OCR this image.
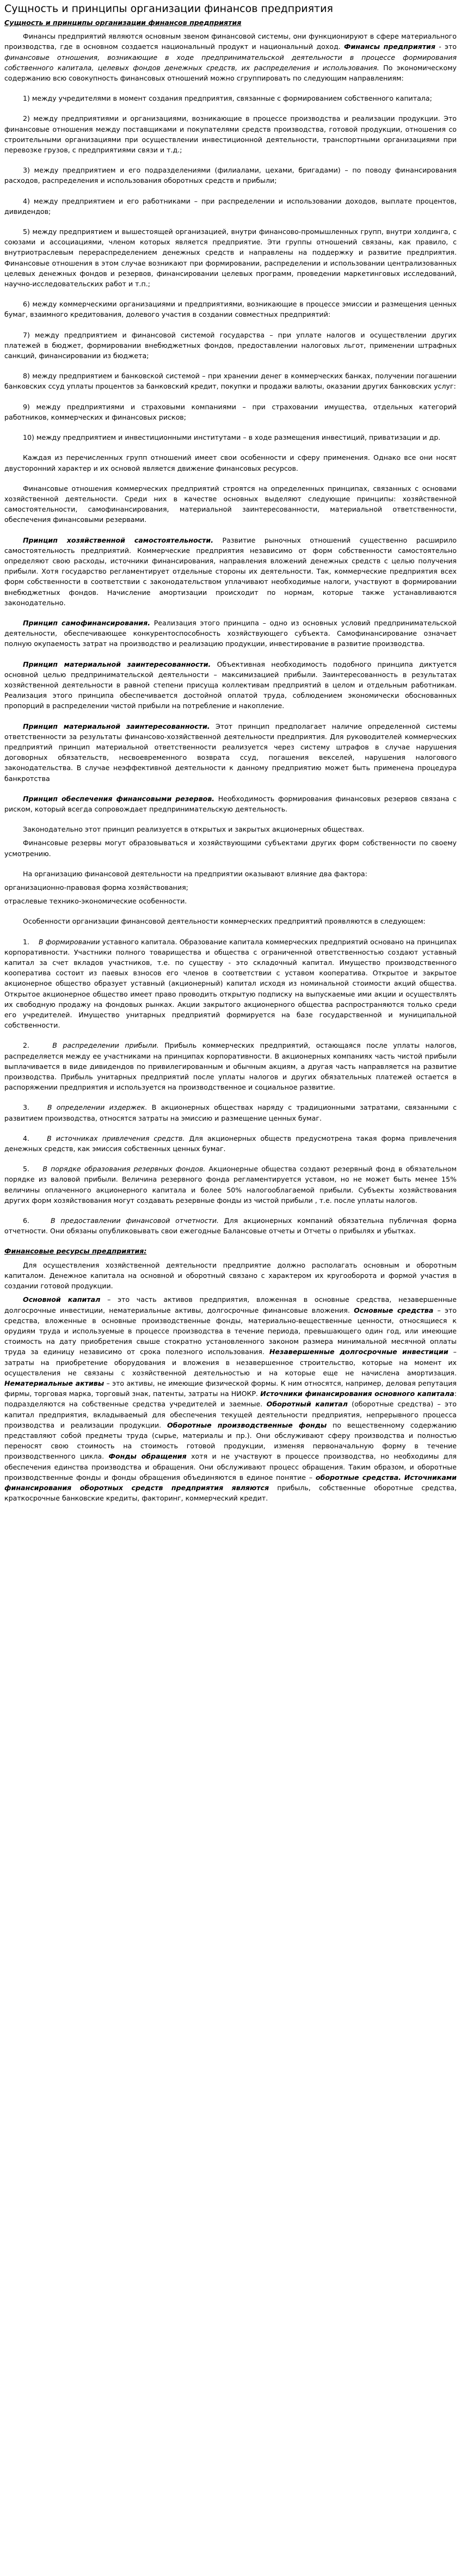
Сущность и принципы организации финансов предприятия
Сущность и принципы организации финансов предприятия

Финансы предприятий являются основным звеном финансовой системы, они функционируют в сфере материального производства, где в основном создается национальный продукт и национальный доход. Финансы предприятия - это финансовые отношения, возникающие в ходе предпринимательской деятельности в процессе формирования собственного капитала, целевых фондов денежных средств, их распределения и использования. По экономическому содержанию всю совокупность финансовых отношений можно сгруппировать по следующим направлениям:

1) между учредителями в момент создания предприятия, связанные с формированием собственного капитала;

2) между предприятиями и организациями, возникающие в процессе производства и реализации продукции. Это финансовые отношения между поставщиками и покупателями средств производства, готовой продукции, отношения со строительными организациями при осуществлении инвестиционной деятельности, транспортными организациями при перевозке грузов, с предприятиями связи и т.д.;

3) между предприятием и его подразделениями (филиалами, цехами, бригадами) – по поводу финансирования расходов, распределения и использования оборотных средств и прибыли;

4) между предприятием и его работниками – при распределении и использовании доходов, выплате процентов, дивидендов;

5) между предприятием и вышестоящей организацией, внутри финансово-промышленных групп, внутри холдинга, с союзами и ассоциациями, членом которых является предприятие. Эти группы отношений связаны, как правило, с внутриотраслевым перераспределением денежных средств и направлены на поддержку и развитие предприятия. Финансовые отношения в этом случае возникают при формировании, распределении и использовании централизованных целевых денежных фондов и резервов, финансировании целевых программ, проведении маркетинговых исследований, научно-исследовательских работ и т.п.;

6) между коммерческими организациями и предприятиями, возникающие в процессе эмиссии и размещения ценных бумаг, взаимного кредитования, долевого участия в создании совместных предприятий:

7) между предприятием и финансовой системой государства – при уплате налогов и осуществлении других платежей в бюджет, формировании внебюджетных фондов, предоставлении налоговых льгот, применении штрафных санкций, финансировании из бюджета;

8) между предприятием и банковской системой – при хранении денег в коммерческих банках, получении погашении банковских ссуд уплаты процентов за банковский кредит, покупки и продажи валюты, оказании других банковских услуг:

9) между предприятиями и страховыми компаниями – при страховании имущества, отдельных категорий работников, коммерческих и финансовых рисков;

10) между предприятием и инвестиционными институтами – в ходе размещения инвестиций, приватизации и др.

Каждая из перечисленных групп отношений имеет свои особенности и сферу применения. Однако все они носят двусторонний характер и их основой является движение финансовых ресурсов.

Финансовые отношения коммерческих предприятий строятся на определенных принципах, связанных с основами хозяйственной деятельности. Среди них в качестве основных выделяют следующие принципы: хозяйственной самостоятельности, самофинансирования, материальной заинтересованности, материальной ответственности, обеспечения финансовыми резервами.

Принцип хозяйственной самостоятельности. Развитие рыночных отношений существенно расширило самостоятельность предприятий. Коммерческие предприятия независимо от форм собственности самостоятельно определяют свою расходы, источники финансирования, направления вложений денежных средств с целью получения прибыли. Хотя государство регламентирует отдельные стороны их деятельности. Так, коммерческие предприятия всех форм собственности в соответствии с законодательством уплачивают необходимые налоги, участвуют в формировании внебюджетных фондов. Начисление амортизации происходит по нормам, которые также устанавливаются законодательно.

Принцип самофинансирования. Реализация этого принципа – одно из основных условий предпринимательской деятельности, обеспечивающее конкурентоспособность хозяйствующего субъекта. Самофинансирование означает полную окупаемость затрат на производство и реализацию продукции, инвестирование в развитие производства.

Принцип материальной заинтересованности. Объективная необходимость подобного принципа диктуется основной целью предпринимательской деятельности – максимизацией прибыли. Заинтересованность в результатах хозяйственной деятельности в равной степени присуща коллективам предприятий в целом и отдельным работникам. Реализация этого принципа обеспечивается достойной оплатой труда, соблюдением экономически обоснованных пропорций в распределении чистой прибыли на потребление и накопление.

Принцип материальной заинтересованности. Этот принцип предполагает наличие определенной системы ответственности за результаты финансово-хозяйственной деятельности предприятия. Для руководителей коммерческих предприятий принцип материальной ответственности реализуется через систему штрафов в случае нарушения договорных обязательств, несвоевременного возврата ссуд, погашения векселей, нарушения налогового законодательства. В случае неэффективной деятельности к данному предприятию может быть применена процедура банкротства

Принцип обеспечения финансовыми резервов. Необходимость формирования финансовых резервов связана с риском, который всегда сопровождает предпринимательскую деятельность.

Законодательно этот принцип реализуется в открытых и закрытых акционерных обществах.

Финансовые резервы могут образовываться и хозяйствующими субъектами других форм собственности по своему усмотрению.

На организацию финансовой деятельности на предприятии оказывают влияние два фактора:

организационно-правовая форма хозяйствования;

отраслевые технико-экономические особенности.

Особенности организации финансовой деятельности коммерческих предприятий проявляются в следующем:

1. В формировании уставного капитала. Образование капитала коммерческих предприятий основано на принципах корпоративности. Участники полного товарищества и общества с ограниченной ответственностью создают уставный капитал за счет вкладов участников, т.е. по существу - это складочный капитал. Имущество производственного кооператива состоит из паевых взносов его членов в соответствии с уставом кооператива. Открытое и закрытое акционерное общество образует уставный (акционерный) капитал исходя из номинальной стоимости акций общества. Открытое акционерное общество имеет право проводить открытую подписку на выпускаемые ими акции и осуществлять их свободную продажу на фондовых рынках. Акции закрытого акционерного общества распространяются только среди его учредителей. Имущество унитарных предприятий формируется на базе государственной и муниципальной собственности.

2.	В распределении прибыли. Прибыль коммерческих предприятий, остающаяся после уплаты налогов, распределяется между ее участниками на принципах корпоративности. В акционерных компаниях часть чистой прибыли выплачивается в виде дивидендов по привилегированным и обычным акциям, а другая часть направляется на развитие производства. Прибыль унитарных предприятий после уплаты налогов и других обязательных платежей остается в распоряжении предприятия и используется на производственное и социальное развитие.

3.	В определении издержек. В акционерных обществах наряду с традиционными затратами, связанными с развитием производства, относятся затраты на эмиссию и размещение ценных бумаг.

4.	В источниках привлечения средств. Для акционерных обществ предусмотрена такая форма привлечения денежных средств, как эмиссия собственных ценных бумаг.

5. В порядке образования резервных фондов. Акционерные общества создают резервный фонд в обязательном порядке из валовой прибыли. Величина резервного фонда регламентируется уставом, но не может быть менее 15% величины оплаченного акционерного капитала и более 50% налогооблагаемой прибыли. Субъекты хозяйствования других форм хозяйствования могут создавать резервные фонды из чистой прибыли , т.е. после уплаты налогов.

6.	В предоставлении финансовой отчетности. Для акционерных компаний обязательна публичная форма отчетности. Они обязаны опубликовывать свои ежегодные Балансовые отчеты и Отчеты о прибылях и убытках.

Финансовые ресурсы предприятия:

Для осуществления хозяйственной деятельности предприятие должно располагать основным и оборотным капиталом. Денежное капитала на основной и оборотный связано с характером их кругооборота и формой участия в создании готовой продукции.

Основной капитал – это часть активов предприятия, вложенная в основные средства, незавершенные долгосрочные инвестиции, нематериальные активы, долгосрочные финансовые вложения. Основные средства – это средства, вложенные в основные производственные фонды, материально-вещественные ценности, относящиеся к орудиям труда и используемые в процессе производства в течение периода, превышающего один год, или имеющие стоимость на дату приобретения свыше стократно установленного законом размера минимальной месячной оплаты труда за единицу независимо от срока полезного использования. Незавершенные долгосрочные инвестиции – затраты на приобретение оборудования и вложения в незавершенное строительство, которые на момент их осуществления не связаны с хозяйственной деятельностью и на которые еще не начислена амортизация. Нематериальные активы – это активы, не имеющие физической формы. К ним относятся, например, деловая репутация фирмы, торговая марка, торговый знак, патенты, затраты на НИОКР. Источники финансирования основного капитала: подразделяются на собственные средства учредителей и заемные. Оборотный капитал (оборотные средства) – это капитал предприятия, вкладываемый для обеспечения текущей деятельности предприятия, непрерывного процесса производства и реализации продукции. Оборотные производственные фонды по вещественному содержанию представляют собой предметы труда (сырье, материалы и пр.). Они обслуживают сферу производства и полностью переносят свою стоимость на стоимость готовой продукции, изменяя первоначальную форму в течение производственного цикла. Фонды обращения хотя и не участвуют в процессе производства, но необходимы для обеспечения единства производства и обращения. Они обслуживают процесс обращения. Таким образом, и оборотные производственные фонды и фонды обращения объединяются в единое понятие – оборотные средства. Источниками финансирования оборотных средств предприятия являются прибыль, собственные оборотные средства, краткосрочные банковские кредиты, факторинг, коммерческий кредит.
